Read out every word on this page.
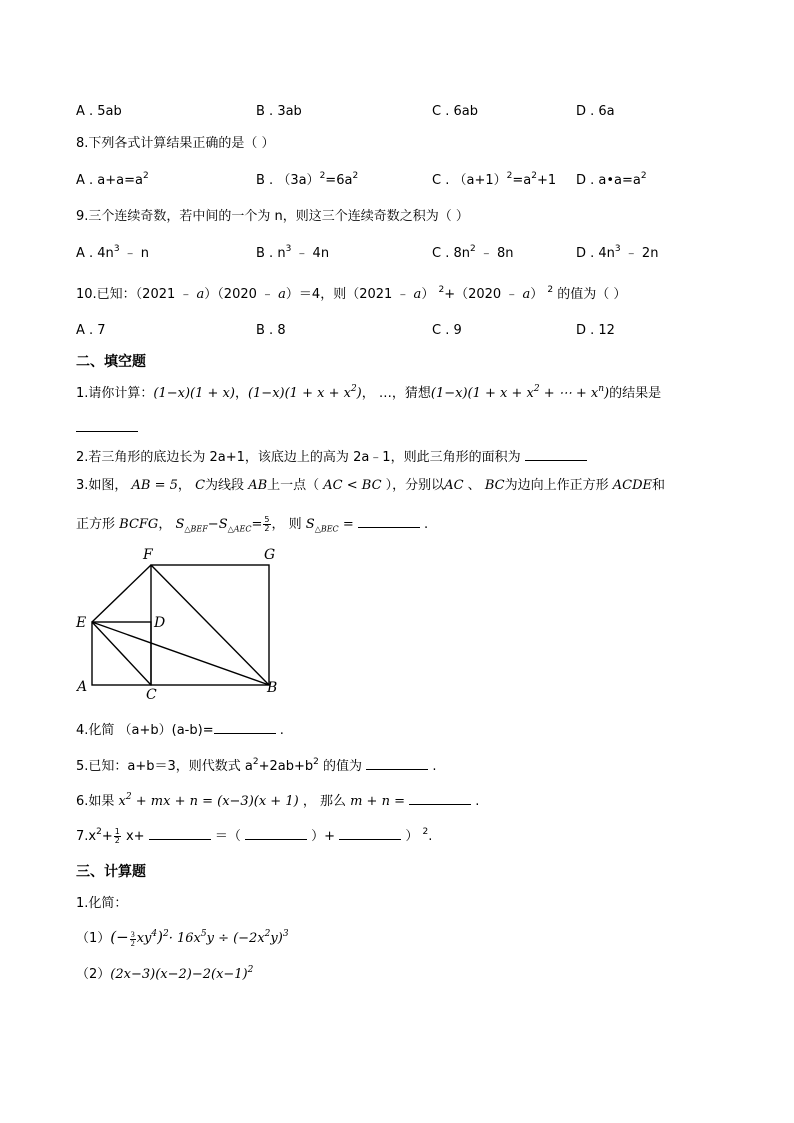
A . 5ab	B . 3ab	C . 6ab	D . 6a
8.下列各式计算结果正确的是（ ）
A . $a+a=a^2$	B . $(3a)^2=6a^2$	C . $(a+1)^2=a^2+1$ D . $a•a=a^2$
9.三个连续奇数，若中间的一个为 n，则这三个连续奇数之积为（ ）
A . $4n^3$ ﹣ n	B . $n^3$ ﹣ 4n	C . $8n^2$ ﹣ 8n	D . $4n^3$ ﹣ 2n
10.已知：（2021 ﹣ a）（2020 ﹣ a）＝4，则（2021 ﹣ a） $^2$+（2020 ﹣ a） $^2$ 的值为（ ）
A . 7	B . 8	C . 9	D . 12
二、填空题
1.请你计算：(1−x)(1 + x)，$(1-x)(1 + x + x^2)$， …，猜想$(1-x)(1 + x + x^2$ + ⋯ + $x^n$)的结果是
2.若三角形的底边长为 2a+1，该底边上的高为 2a﹣1，则此三角形的面积为
3.如图， AB = 5， C为线段 AB上一点（ AC < BC ），分别以AC 、 BC为边向上作正方形 ACDE和
正方形 BCFG， $S_{\triangle BEF}-S_{\triangle AEC}= \frac{5}{2}$ ， 则 $S_{\triangle BEC}$ =	.
F	G
E	D
A	C	B
4.化简 （a+b）(a-b)=	.
5.已知：a+b＝3，则代数式 $a^2+2ab+b^2$ 的值为	.
6.如果 $x^2$ + mx + n = (x−3)(x + 1) ， 那么 m + n =	.
$7.x^2+ \frac{1}{2} x+$	＝（	）+	） $^2$.
三、计算题
1.化简：
$(1)(- \frac{3}{2} xy^4)^2\cdot 16x^5y \div (-2x^2y)^3$
$(2)(2x-3)(x-2)-2(x-1)^2$
